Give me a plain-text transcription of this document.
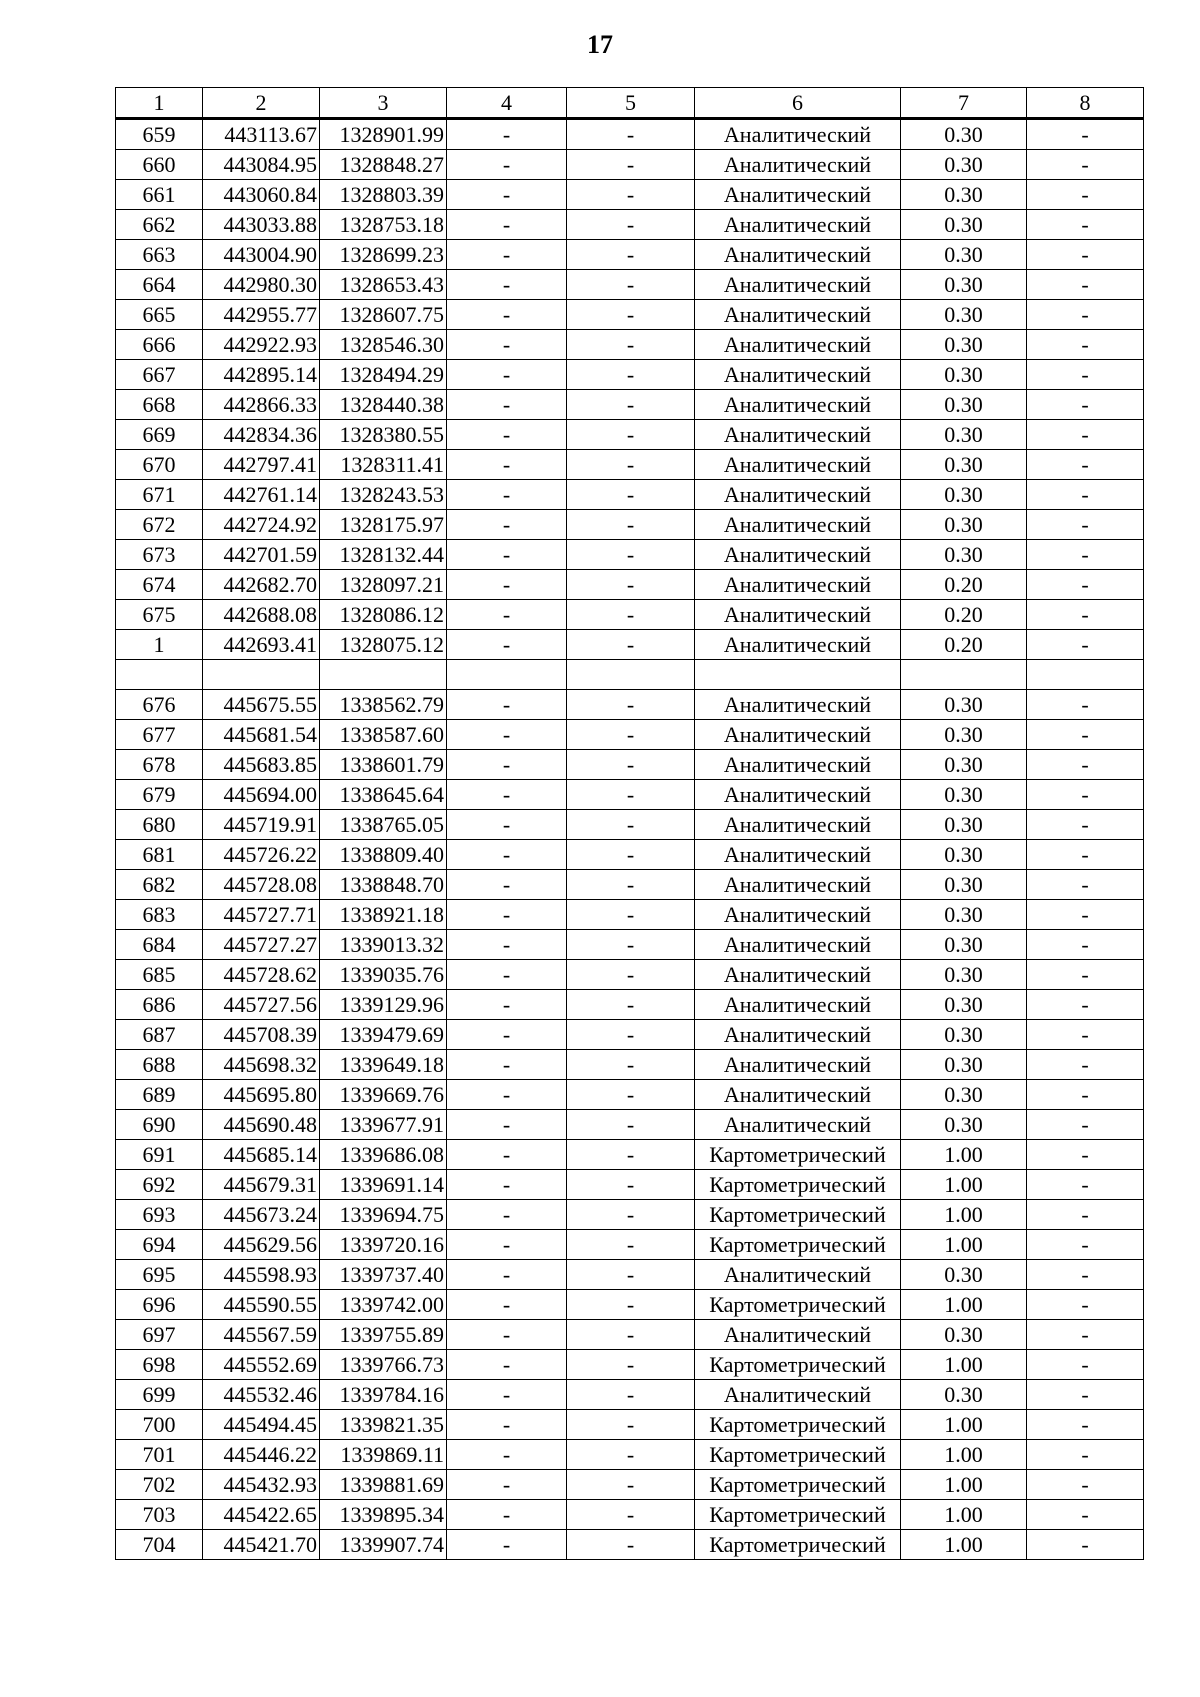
17
1	2	3	4	5	6	7	8
659	443113.67	1328901.99	-	-	Аналитический	0.30	-
660	443084.95	1328848.27	-	-	Аналитический	0.30	-
661	443060.84	1328803.39	-	-	Аналитический	0.30	-
662	443033.88	1328753.18	-	-	Аналитический	0.30	-
663	443004.90	1328699.23	-	-	Аналитический	0.30	-
664	442980.30	1328653.43	-	-	Аналитический	0.30	-
665	442955.77	1328607.75	-	-	Аналитический	0.30	-
666	442922.93	1328546.30	-	-	Аналитический	0.30	-
667	442895.14	1328494.29	-	-	Аналитический	0.30	-
668	442866.33	1328440.38	-	-	Аналитический	0.30	-
669	442834.36	1328380.55	-	-	Аналитический	0.30	-
670	442797.41	1328311.41	-	-	Аналитический	0.30	-
671	442761.14	1328243.53	-	-	Аналитический	0.30	-
672	442724.92	1328175.97	-	-	Аналитический	0.30	-
673	442701.59	1328132.44	-	-	Аналитический	0.30	-
674	442682.70	1328097.21	-	-	Аналитический	0.20	-
675	442688.08	1328086.12	-	-	Аналитический	0.20	-
1	442693.41	1328075.12	-	-	Аналитический	0.20	-

676	445675.55	1338562.79	-	-	Аналитический	0.30	-
677	445681.54	1338587.60	-	-	Аналитический	0.30	-
678	445683.85	1338601.79	-	-	Аналитический	0.30	-
679	445694.00	1338645.64	-	-	Аналитический	0.30	-
680	445719.91	1338765.05	-	-	Аналитический	0.30	-
681	445726.22	1338809.40	-	-	Аналитический	0.30	-
682	445728.08	1338848.70	-	-	Аналитический	0.30	-
683	445727.71	1338921.18	-	-	Аналитический	0.30	-
684	445727.27	1339013.32	-	-	Аналитический	0.30	-
685	445728.62	1339035.76	-	-	Аналитический	0.30	-
686	445727.56	1339129.96	-	-	Аналитический	0.30	-
687	445708.39	1339479.69	-	-	Аналитический	0.30	-
688	445698.32	1339649.18	-	-	Аналитический	0.30	-
689	445695.80	1339669.76	-	-	Аналитический	0.30	-
690	445690.48	1339677.91	-	-	Аналитический	0.30	-
691	445685.14	1339686.08	-	-	Картометрический	1.00	-
692	445679.31	1339691.14	-	-	Картометрический	1.00	-
693	445673.24	1339694.75	-	-	Картометрический	1.00	-
694	445629.56	1339720.16	-	-	Картометрический	1.00	-
695	445598.93	1339737.40	-	-	Аналитический	0.30	-
696	445590.55	1339742.00	-	-	Картометрический	1.00	-
697	445567.59	1339755.89	-	-	Аналитический	0.30	-
698	445552.69	1339766.73	-	-	Картометрический	1.00	-
699	445532.46	1339784.16	-	-	Аналитический	0.30	-
700	445494.45	1339821.35	-	-	Картометрический	1.00	-
701	445446.22	1339869.11	-	-	Картометрический	1.00	-
702	445432.93	1339881.69	-	-	Картометрический	1.00	-
703	445422.65	1339895.34	-	-	Картометрический	1.00	-
704	445421.70	1339907.74	-	-	Картометрический	1.00	-
